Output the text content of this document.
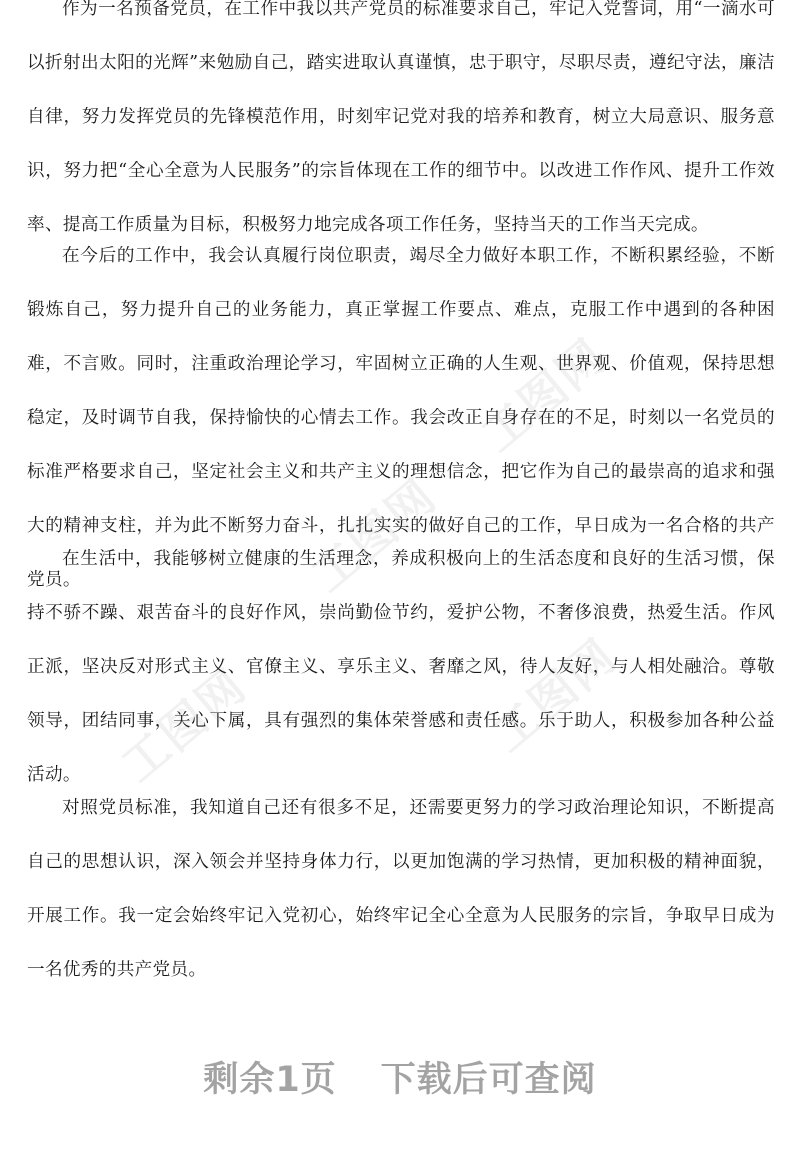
作为一名预备党员，在工作中我以共产党员的标准要求自己，牢记入党誓词，用“一滴水可以折射出太阳的光辉”来勉励自己，踏实进取认真谨慎，忠于职守，尽职尽责，遵纪守法，廉洁自律，努力发挥党员的先锋模范作用，时刻牢记党对我的培养和教育，树立大局意识、服务意识，努力把“全心全意为人民服务”的宗旨体现在工作的细节中。以改进工作作风、提升工作效率、提高工作质量为目标，积极努力地完成各项工作任务，坚持当天的工作当天完成。

在今后的工作中，我会认真履行岗位职责，竭尽全力做好本职工作，不断积累经验，不断锻炼自己，努力提升自己的业务能力，真正掌握工作要点、难点，克服工作中遇到的各种困难，不言败。同时，注重政治理论学习，牢固树立正确的人生观、世界观、价值观，保持思想稳定，及时调节自我，保持愉快的心情去工作。我会改正自身存在的不足，时刻以一名党员的标准严格要求自己，坚定社会主义和共产主义的理想信念，把它作为自己的最崇高的追求和强大的精神支柱，并为此不断努力奋斗，扎扎实实的做好自己的工作，早日成为一名合格的共产党员。

在生活中，我能够树立健康的生活理念，养成积极向上的生活态度和良好的生活习惯，保持不骄不躁、艰苦奋斗的良好作风，崇尚勤俭节约，爱护公物，不奢侈浪费，热爱生活。作风正派，坚决反对形式主义、官僚主义、享乐主义、奢靡之风，待人友好，与人相处融洽。尊敬领导，团结同事，关心下属，具有强烈的集体荣誉感和责任感。乐于助人，积极参加各种公益活动。

对照党员标准，我知道自己还有很多不足，还需要更努力的学习政治理论知识，不断提高自己的思想认识，深入领会并坚持身体力行，以更加饱满的学习热情，更加积极的精神面貌，开展工作。我一定会始终牢记入党初心，始终牢记全心全意为人民服务的宗旨，争取早日成为一名优秀的共产党员。

工图网
工图网
工图网
工图网
剩余1页 下载后可查阅
